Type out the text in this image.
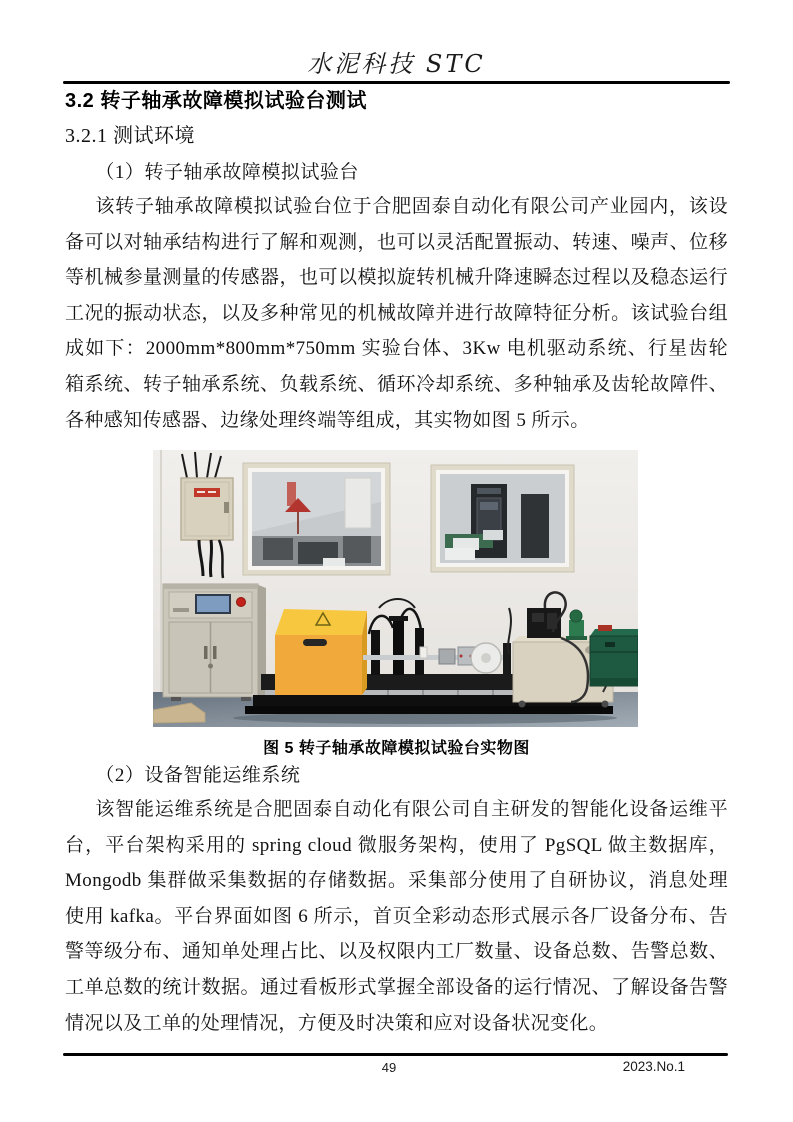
水泥科技 STC
3.2 转子轴承故障模拟试验台测试
3.2.1 测试环境
（1）转子轴承故障模拟试验台
该转子轴承故障模拟试验台位于合肥固泰自动化有限公司产业园内，该设备可以对轴承结构进行了解和观测，也可以灵活配置振动、转速、噪声、位移等机械参量测量的传感器，也可以模拟旋转机械升降速瞬态过程以及稳态运行工况的振动状态，以及多种常见的机械故障并进行故障特征分析。该试验台组成如下：2000mm*800mm*750mm 实验台体、3Kw 电机驱动系统、行星齿轮箱系统、转子轴承系统、负载系统、循环冷却系统、多种轴承及齿轮故障件、各种感知传感器、边缘处理终端等组成，其实物如图 5 所示。
图 5 转子轴承故障模拟试验台实物图
（2）设备智能运维系统
该智能运维系统是合肥固泰自动化有限公司自主研发的智能化设备运维平台，平台架构采用的 spring cloud 微服务架构，使用了 PgSQL 做主数据库，Mongodb 集群做采集数据的存储数据。采集部分使用了自研协议，消息处理使用 kafka。平台界面如图 6 所示，首页全彩动态形式展示各厂设备分布、告警等级分布、通知单处理占比、以及权限内工厂数量、设备总数、告警总数、工单总数的统计数据。通过看板形式掌握全部设备的运行情况、了解设备告警情况以及工单的处理情况，方便及时决策和应对设备状况变化。
49	2023.No.1
